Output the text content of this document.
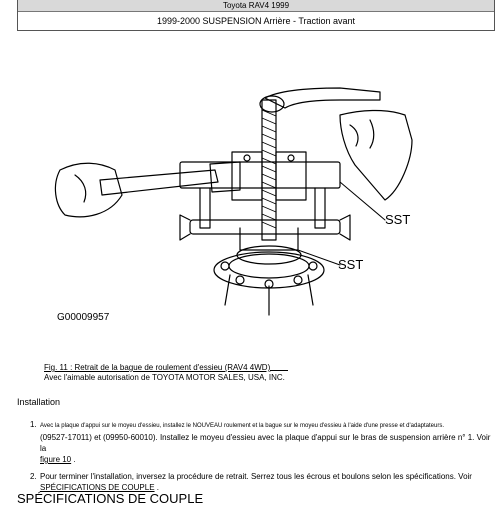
Toyota RAV4 1999
1999-2000 SUSPENSION Arrière - Traction avant
SST
SST
G00009957
Fig. 11 : Retrait de la bague de roulement d'essieu (RAV4 4WD)
Avec l'aimable autorisation de TOYOTA MOTOR SALES, USA, INC.
Installation
1. Avec la plaque d'appui sur le moyeu d'essieu, installez le NOUVEAU roulement et la bague sur le moyeu d'essieu à l'aide d'une presse et d'adaptateurs.
(09527-17011) et (09950-60010). Installez le moyeu d'essieu avec la plaque d'appui sur le bras de suspension arrière n° 1. Voir la
figure 10 .
2. Pour terminer l'installation, inversez la procédure de retrait. Serrez tous les écrous et boulons selon les spécifications. Voir
SPÉCIFICATIONS DE COUPLE .
SPÉCIFICATIONS DE COUPLE
